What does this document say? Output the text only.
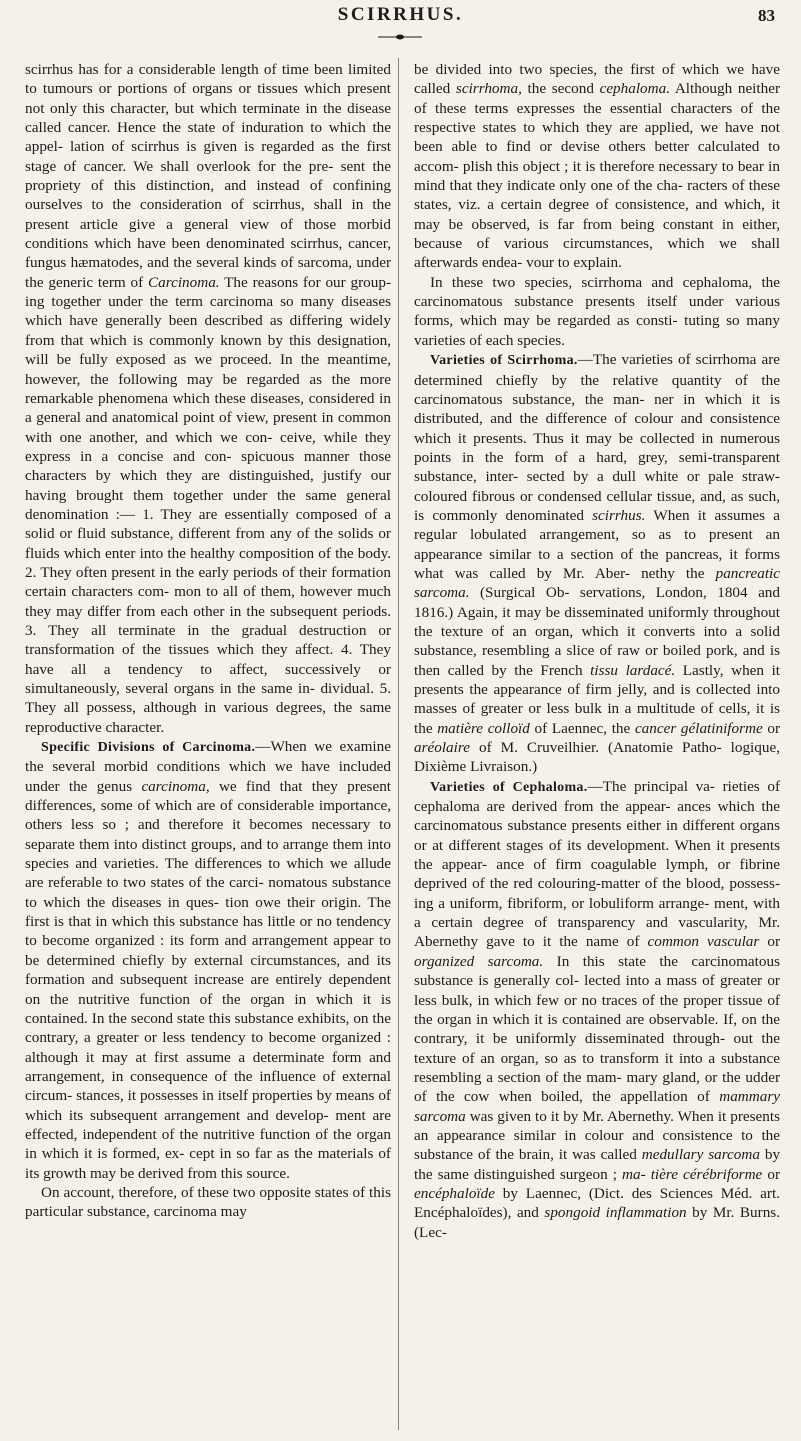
SCIRRHUS.	83

scirrhus has for a considerable length of time been limited to tumours or portions of organs or tissues which present not only this character, but which terminate in the disease called cancer. Hence the state of induration to which the appel- lation of scirrhus is given is regarded as the first stage of cancer. We shall overlook for the pre- sent the propriety of this distinction, and instead of confining ourselves to the consideration of scirrhus, shall in the present article give a general view of those morbid conditions which have been denominated scirrhus, cancer, fungus hæmatodes, and the several kinds of sarcoma, under the generic term of Carcinoma. The reasons for our group- ing together under the term carcinoma so many diseases which have generally been described as differing widely from that which is commonly known by this designation, will be fully exposed as we proceed. In the meantime, however, the following may be regarded as the more remarkable phenomena which these diseases, considered in a general and anatomical point of view, present in common with one another, and which we con- ceive, while they express in a concise and con- spicuous manner those characters by which they are distinguished, justify our having brought them together under the same general denomination :— 1. They are essentially composed of a solid or fluid substance, different from any of the solids or fluids which enter into the healthy composition of the body. 2. They often present in the early periods of their formation certain characters com- mon to all of them, however much they may differ from each other in the subsequent periods. 3. They all terminate in the gradual destruction or transformation of the tissues which they affect. 4. They have all a tendency to affect, successively or simultaneously, several organs in the same in- dividual. 5. They all possess, although in various degrees, the same reproductive character.

Specific Divisions of Carcinoma.—When we examine the several morbid conditions which we have included under the genus carcinoma, we find that they present differences, some of which are of considerable importance, others less so ; and therefore it becomes necessary to separate them into distinct groups, and to arrange them into species and varieties. The differences to which we allude are referable to two states of the carci- nomatous substance to which the diseases in ques- tion owe their origin. The first is that in which this substance has little or no tendency to become organized : its form and arrangement appear to be determined chiefly by external circumstances, and its formation and subsequent increase are entirely dependent on the nutritive function of the organ in which it is contained. In the second state this substance exhibits, on the contrary, a greater or less tendency to become organized : although it may at first assume a determinate form and arrangement, in consequence of the influence of external circum- stances, it possesses in itself properties by means of which its subsequent arrangement and develop- ment are effected, independent of the nutritive function of the organ in which it is formed, ex- cept in so far as the materials of its growth may be derived from this source.

On account, therefore, of these two opposite states of this particular substance, carcinoma may

be divided into two species, the first of which we have called scirrhoma, the second cephaloma. Although neither of these terms expresses the essential characters of the respective states to which they are applied, we have not been able to find or devise others better calculated to accom- plish this object ; it is therefore necessary to bear in mind that they indicate only one of the cha- racters of these states, viz. a certain degree of consistence, and which, it may be observed, is far from being constant in either, because of various circumstances, which we shall afterwards endea- vour to explain.

In these two species, scirrhoma and cephaloma, the carcinomatous substance presents itself under various forms, which may be regarded as consti- tuting so many varieties of each species.

Varieties of Scirrhoma.—The varieties of scirrhoma are determined chiefly by the relative quantity of the carcinomatous substance, the man- ner in which it is distributed, and the difference of colour and consistence which it presents. Thus it may be collected in numerous points in the form of a hard, grey, semi-transparent substance, inter- sected by a dull white or pale straw-coloured fibrous or condensed cellular tissue, and, as such, is commonly denominated scirrhus. When it assumes a regular lobulated arrangement, so as to present an appearance similar to a section of the pancreas, it forms what was called by Mr. Aber- nethy the pancreatic sarcoma. (Surgical Ob- servations, London, 1804 and 1816.) Again, it may be disseminated uniformly throughout the texture of an organ, which it converts into a solid substance, resembling a slice of raw or boiled pork, and is then called by the French tissu lardacé. Lastly, when it presents the appearance of firm jelly, and is collected into masses of greater or less bulk in a multitude of cells, it is the matière colloïd of Laennec, the cancer gélatiniforme or aréolaire of M. Cruveilhier. (Anatomie Patho- logique, Dixième Livraison.)

Varieties of Cephaloma.—The principal va- rieties of cephaloma are derived from the appear- ances which the carcinomatous substance presents either in different organs or at different stages of its development. When it presents the appear- ance of firm coagulable lymph, or fibrine deprived of the red colouring-matter of the blood, possess- ing a uniform, fibriform, or lobuliform arrange- ment, with a certain degree of transparency and vascularity, Mr. Abernethy gave to it the name of common vascular or organized sarcoma. In this state the carcinomatous substance is generally col- lected into a mass of greater or less bulk, in which few or no traces of the proper tissue of the organ in which it is contained are observable. If, on the contrary, it be uniformly disseminated through- out the texture of an organ, so as to transform it into a substance resembling a section of the mam- mary gland, or the udder of the cow when boiled, the appellation of mammary sarcoma was given to it by Mr. Abernethy. When it presents an appearance similar in colour and consistence to the substance of the brain, it was called medullary sarcoma by the same distinguished surgeon ; ma- tière cérébriforme or encéphaloïde by Laennec, (Dict. des Sciences Méd. art. Encéphaloïdes), and spongoid inflammation by Mr. Burns. (Lec-
